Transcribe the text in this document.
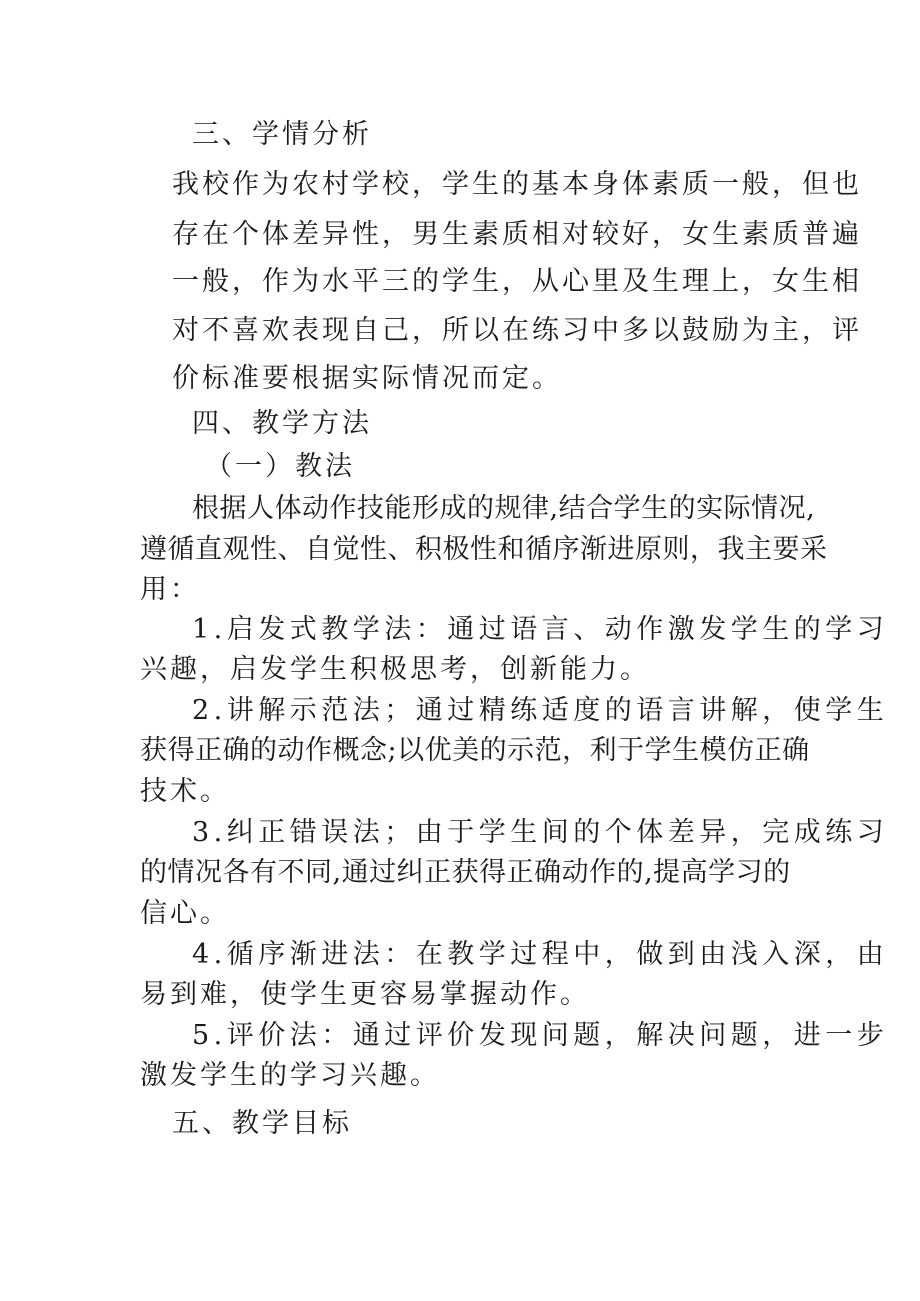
三、学情分析
我校作为农村学校，学生的基本身体素质一般，但也
存在个体差异性，男生素质相对较好，女生素质普遍
一般，作为水平三的学生，从心里及生理上，女生相
对不喜欢表现自己，所以在练习中多以鼓励为主，评
价标准要根据实际情况而定。
四、教学方法
（一）教法
根据人体动作技能形成的规律,结合学生的实际情况,
遵循直观性、自觉性、积极性和循序渐进原则，我主要采
用：
1.启发式教学法：通过语言、动作激发学生的学习
兴趣，启发学生积极思考，创新能力。
2.讲解示范法；通过精练适度的语言讲解，使学生
获得正确的动作概念;以优美的示范，利于学生模仿正确
技术。
3.纠正错误法；由于学生间的个体差异，完成练习
的情况各有不同,通过纠正获得正确动作的,提高学习的
信心。
4.循序渐进法：在教学过程中，做到由浅入深，由
易到难，使学生更容易掌握动作。
5.评价法：通过评价发现问题，解决问题，进一步
激发学生的学习兴趣。
五、教学目标
